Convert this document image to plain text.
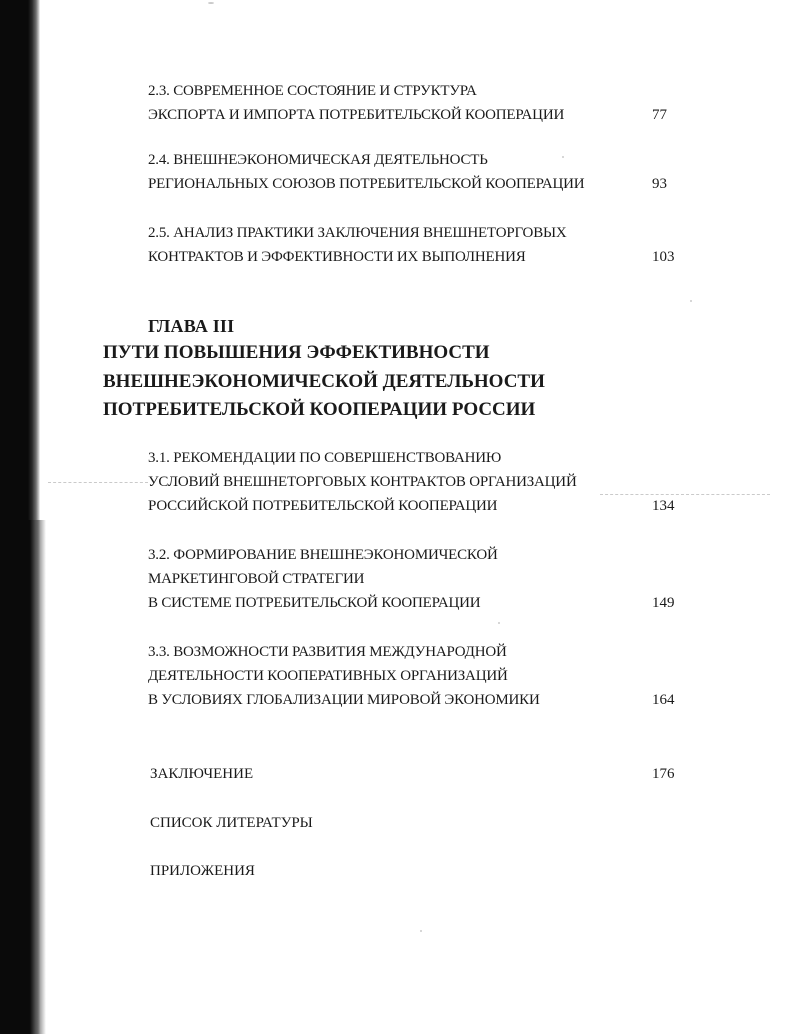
2.3. СОВРЕМЕННОЕ СОСТОЯНИЕ И СТРУКТУРА
ЭКСПОРТА И ИМПОРТА ПОТРЕБИТЕЛЬСКОЙ КООПЕРАЦИИ	77
2.4. ВНЕШНЕЭКОНОМИЧЕСКАЯ ДЕЯТЕЛЬНОСТЬ
РЕГИОНАЛЬНЫХ СОЮЗОВ ПОТРЕБИТЕЛЬСКОЙ КООПЕРАЦИИ	93
2.5. АНАЛИЗ ПРАКТИКИ ЗАКЛЮЧЕНИЯ ВНЕШНЕТОРГОВЫХ
КОНТРАКТОВ И ЭФФЕКТИВНОСТИ ИХ ВЫПОЛНЕНИЯ	103
ГЛАВА III
ПУТИ ПОВЫШЕНИЯ ЭФФЕКТИВНОСТИ
ВНЕШНЕЭКОНОМИЧЕСКОЙ ДЕЯТЕЛЬНОСТИ
ПОТРЕБИТЕЛЬСКОЙ КООПЕРАЦИИ РОССИИ
3.1. РЕКОМЕНДАЦИИ ПО СОВЕРШЕНСТВОВАНИЮ
УСЛОВИЙ ВНЕШНЕТОРГОВЫХ КОНТРАКТОВ ОРГАНИЗАЦИЙ
РОССИЙСКОЙ ПОТРЕБИТЕЛЬСКОЙ КООПЕРАЦИИ	134
3.2. ФОРМИРОВАНИЕ ВНЕШНЕЭКОНОМИЧЕСКОЙ
МАРКЕТИНГОВОЙ СТРАТЕГИИ
В СИСТЕМЕ ПОТРЕБИТЕЛЬСКОЙ КООПЕРАЦИИ	149
3.3. ВОЗМОЖНОСТИ РАЗВИТИЯ МЕЖДУНАРОДНОЙ
ДЕЯТЕЛЬНОСТИ КООПЕРАТИВНЫХ ОРГАНИЗАЦИЙ
В УСЛОВИЯХ ГЛОБАЛИЗАЦИИ МИРОВОЙ ЭКОНОМИКИ	164
ЗАКЛЮЧЕНИЕ	176
СПИСОК ЛИТЕРАТУРЫ
ПРИЛОЖЕНИЯ
